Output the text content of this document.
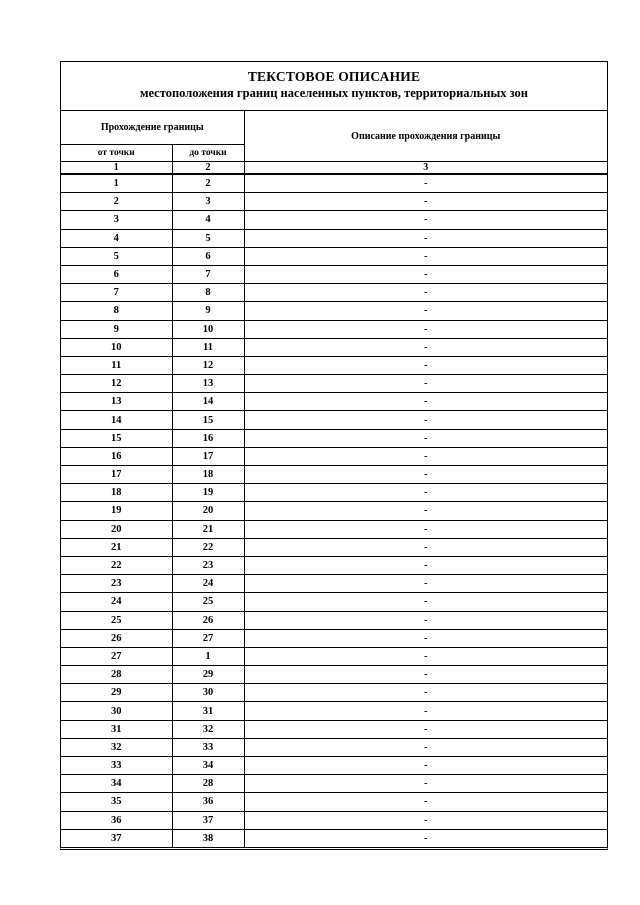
ТЕКСТОВОЕ ОПИСАНИЕ
местоположения границ населенных пунктов, территориальных зон
Прохождение границы		Описание прохождения границы
от точки	до точки	
1	2	3
1	2	-
2	3	-
3	4	-
4	5	-
5	6	-
6	7	-
7	8	-
8	9	-
9	10	-
10	11	-
11	12	-
12	13	-
13	14	-
14	15	-
15	16	-
16	17	-
17	18	-
18	19	-
19	20	-
20	21	-
21	22	-
22	23	-
23	24	-
24	25	-
25	26	-
26	27	-
27	1	-
28	29	-
29	30	-
30	31	-
31	32	-
32	33	-
33	34	-
34	28	-
35	36	-
36	37	-
37	38	-
